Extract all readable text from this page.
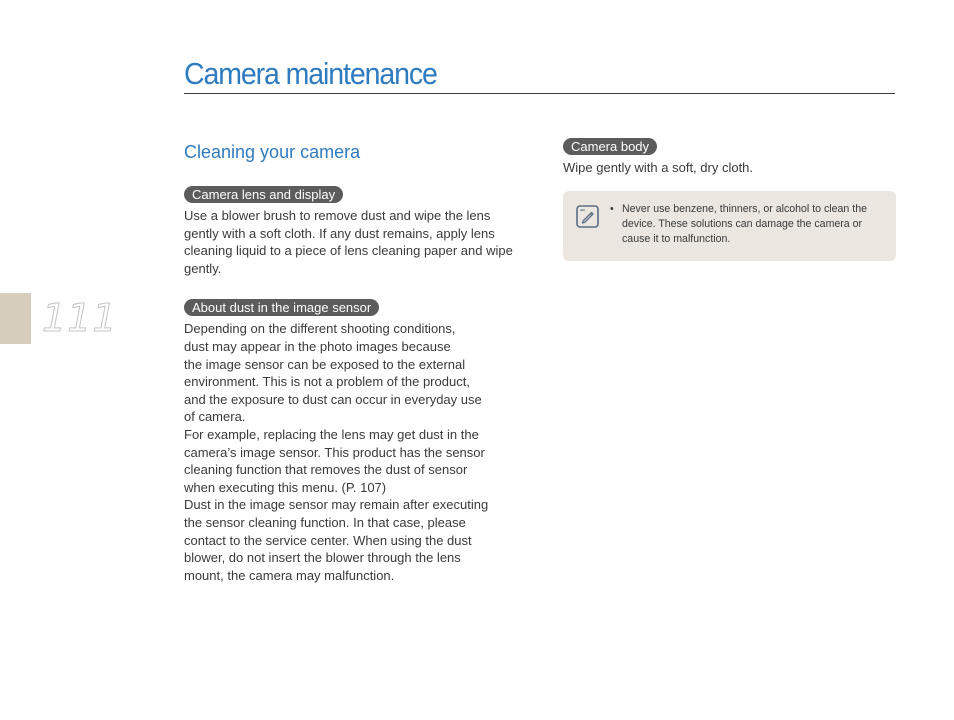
111
Camera maintenance
Cleaning your camera
Camera lens and display

Use a blower brush to remove dust and wipe the lens gently with a soft cloth. If any dust remains, apply lens cleaning liquid to a piece of lens cleaning paper and wipe gently.

About dust in the image sensor
Depending on the different shooting conditions,
dust may appear in the photo images because
the image sensor can be exposed to the external
environment. This is not a problem of the product,
and the exposure to dust can occur in everyday use
of camera.
For example, replacing the lens may get dust in the
camera’s image sensor. This product has the sensor
cleaning function that removes the dust of sensor
when executing this menu. (P. 107)
Dust in the image sensor may remain after executing
the sensor cleaning function. In that case, please
contact to the service center. When using the dust
blower, do not insert the blower through the lens
mount, the camera may malfunction.
Camera body

Wipe gently with a soft, dry cloth.

• Never use benzene, thinners, or alcohol to clean the device. These solutions can damage the camera or cause it to malfunction.
